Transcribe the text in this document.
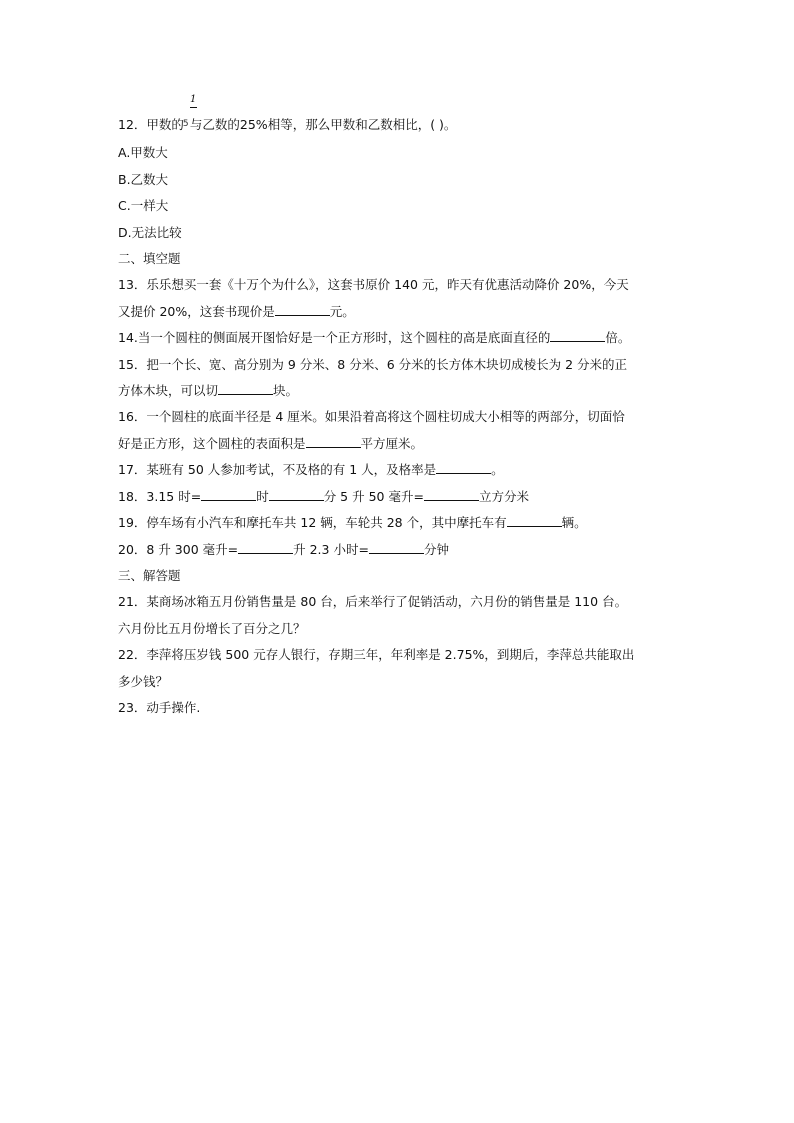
1
12．甲数的5 与乙数的25%相等，那么甲数和乙数相比，( )。
A.甲数大
B.乙数大
C.一样大
D.无法比较
二、填空题
13．乐乐想买一套《十万个为什么》，这套书原价 140 元，昨天有优惠活动降价 20%，今天
又提价 20%，这套书现价是	元。
14.当一个圆柱的侧面展开图恰好是一个正方形时，这个圆柱的高是底面直径的	倍。
15．把一个长、宽、高分别为 9 分米、8 分米、6 分米的长方体木块切成棱长为 2 分米的正
方体木块，可以切	块。
16．一个圆柱的底面半径是 4 厘米。如果沿着高将这个圆柱切成大小相等的两部分，切面恰
好是正方形，这个圆柱的表面积是	平方厘米。
17．某班有 50 人参加考试，不及格的有 1 人，及格率是	。
18．3.15 时=	时	分 5 升 50 毫升=	立方分米
19．停车场有小汽车和摩托车共 12 辆，车轮共 28 个，其中摩托车有	辆。
20．8 升 300 毫升=	升 2.3 小时=	分钟
三、解答题
21．某商场冰箱五月份销售量是 80 台，后来举行了促销活动，六月份的销售量是 110 台。
六月份比五月份增长了百分之几？
22．李萍将压岁钱 500 元存人银行，存期三年，年利率是 2.75%，到期后，李萍总共能取出
多少钱？
23．动手操作.
